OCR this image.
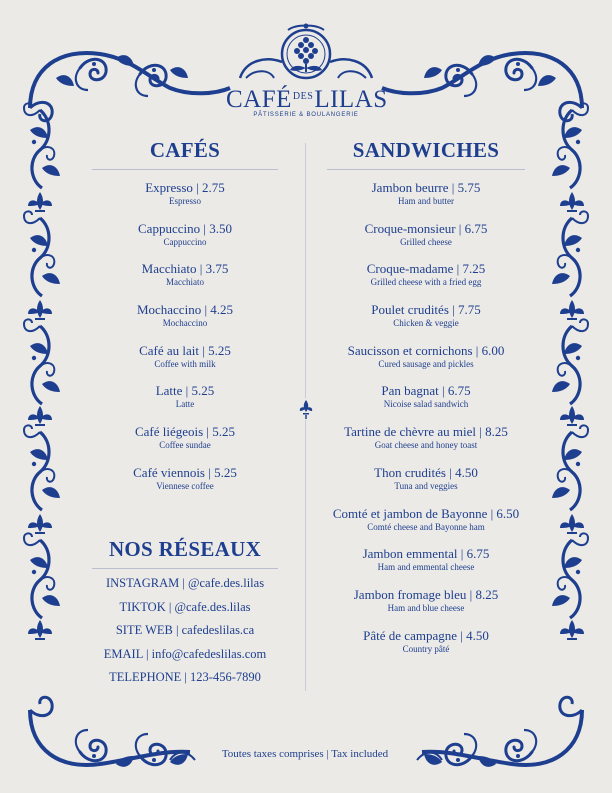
$CAFÉ^{DES}LILAS$
PÂTISSERIE & BOULANGERIE
CAFÉS
Expresso | 2.75
Espresso
Cappuccino | 3.50
Cappuccino
Macchiato | 3.75
Macchiato
Mochaccino | 4.25
Mochaccino
Café au lait | 5.25
Coffee with milk
Latte | 5.25
Latte
Café liégeois | 5.25
Coffee sundae
Café viennois | 5.25
Viennese coffee
NOS RÉSEAUX
INSTAGRAM | @cafe.des.lilas
TIKTOK | @cafe.des.lilas
SITE WEB | cafedeslilas.ca
EMAIL | info@cafedeslilas.com
TELEPHONE | 123-456-7890
SANDWICHES
Jambon beurre | 5.75
Ham and butter
Croque-monsieur | 6.75
Grilled cheese
Croque-madame | 7.25
Grilled cheese with a fried egg
Poulet crudités | 7.75
Chicken & veggie
Saucisson et cornichons | 6.00
Cured sausage and pickles
Pan bagnat | 6.75
Nicoise salad sandwich
Tartine de chèvre au miel | 8.25
Goat cheese and honey toast
Thon crudités | 4.50
Tuna and veggies
Comté et jambon de Bayonne | 6.50
Comté cheese and Bayonne ham
Jambon emmental | 6.75
Ham and emmental cheese
Jambon fromage bleu | 8.25
Ham and blue cheese
Pâté de campagne | 4.50
Country pâté
Toutes taxes comprises | Tax included
